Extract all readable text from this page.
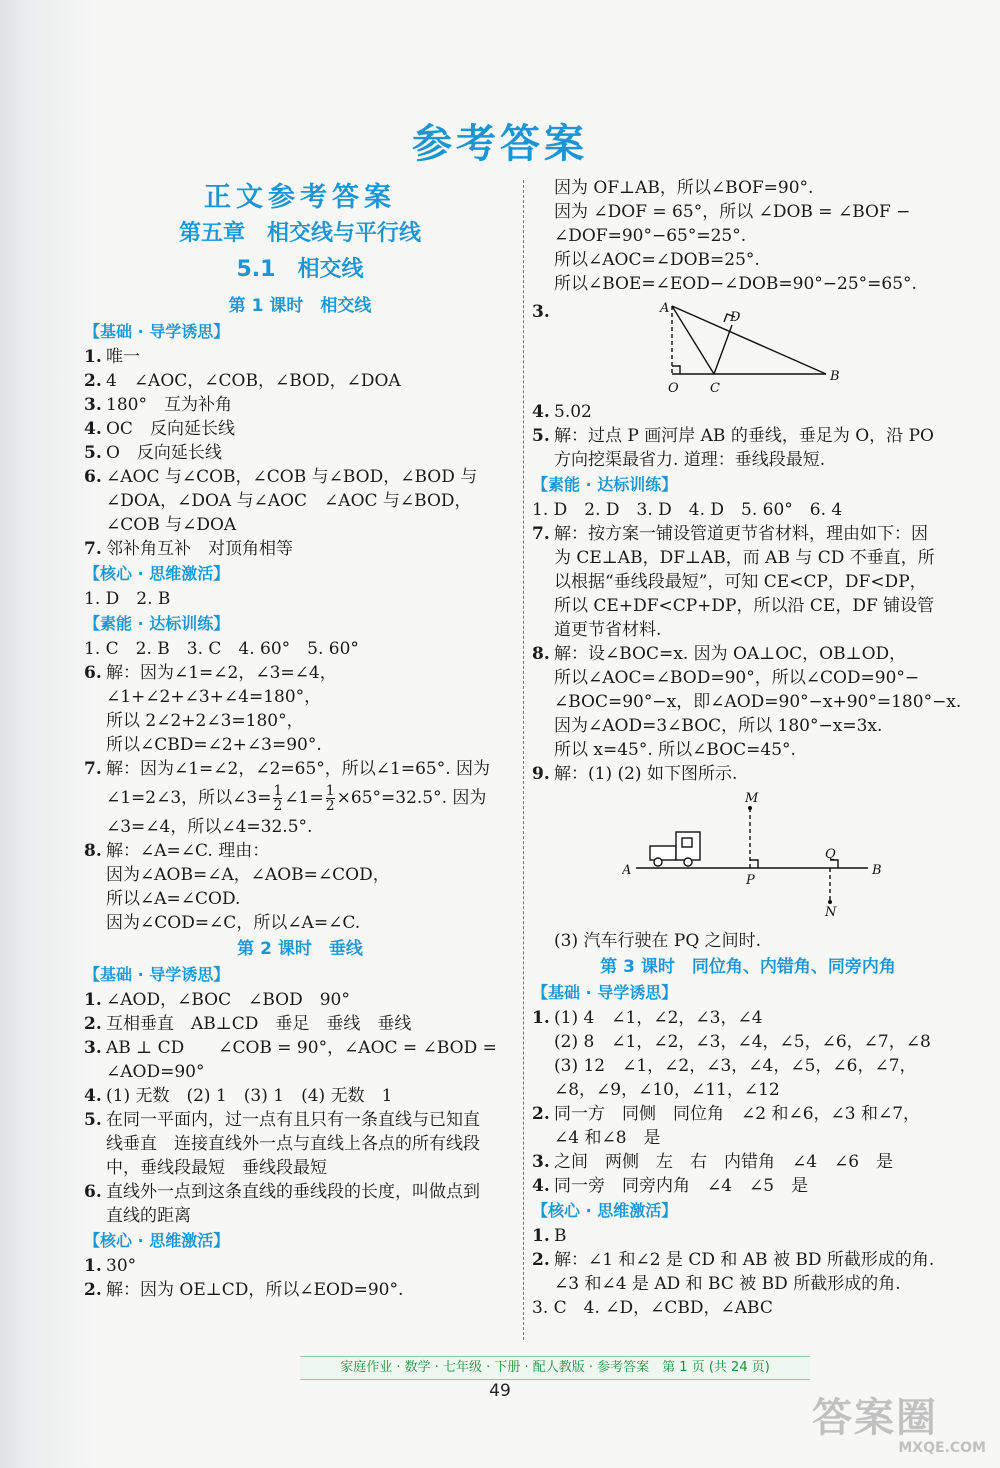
参考答案
正文参考答案
第五章　相交线与平行线
5.1　相交线
第 1 课时　相交线
【基础 · 导学诱思】
1. 唯一
2. 4　∠AOC，∠COB，∠BOD，∠DOA
3. 180°　互为补角
4. OC　反向延长线
5. O　反向延长线
6. ∠AOC 与∠COB，∠COB 与∠BOD，∠BOD 与
∠DOA，∠DOA 与∠AOC　∠AOC 与∠BOD，
∠COB 与∠DOA
7. 邻补角互补　对顶角相等
【核心 · 思维激活】
1. D　2. B
【素能 · 达标训练】
1. C　2. B　3. C　4. 60°　5. 60°
6. 解：因为∠1=∠2，∠3=∠4，
∠1+∠2+∠3+∠4=180°，
所以 2∠2+2∠3=180°，
所以∠CBD=∠2+∠3=90°.
7. 解：因为∠1=∠2，∠2=65°，所以∠1=65°. 因为
∠1=2∠3，所以∠3= $\frac{1}{2}$ ∠1= $\frac{1}{2} \times 65^\circ=32.5^\circ$. 因为
∠3=∠4，所以∠4=32.5°.
8. 解：∠A=∠C. 理由：
因为∠AOB=∠A，∠AOB=∠COD，
所以∠A=∠COD.
因为∠COD=∠C，所以∠A=∠C.
第 2 课时　垂线
【基础 · 导学诱思】
1. ∠AOD，∠BOC　∠BOD　90°
2. 互相垂直　AB⊥CD　垂足　垂线　垂线
3. AB ⊥ CD　　∠COB = 90°，∠AOC = ∠BOD =
∠AOD=90°
4. (1) 无数　(2) 1　(3) 1　(4) 无数　1
5. 在同一平面内，过一点有且只有一条直线与已知直
线垂直　连接直线外一点与直线上各点的所有线段
中，垂线段最短　垂线段最短
6. 直线外一点到这条直线的垂线段的长度，叫做点到
直线的距离
【核心 · 思维激活】
1. 30°
2. 解：因为 OE⊥CD，所以∠EOD=90°.
因为 OF⊥AB，所以∠BOF=90°.
因为 ∠DOF = 65°，所以 ∠DOB = ∠BOF −
∠DOF=90°−65°=25°.
所以∠AOC=∠DOB=25°.
所以∠BOE=∠EOD−∠DOB=90°−25°=65°.
3.	A
D
B
O C
4. 5.02
5. 解：过点 P 画河岸 AB 的垂线，垂足为 O，沿 PO
方向挖渠最省力. 道理：垂线段最短.
【素能 · 达标训练】
1. D　2. D　3. D　4. D　5. 60°　6. 4
7. 解：按方案一铺设管道更节省材料，理由如下：因
为 CE⊥AB，DF⊥AB，而 AB 与 CD 不垂直，所
以根据“垂线段最短”，可知 CE<CP，DF<DP，
所以 CE+DF<CP+DP，所以沿 CE，DF 铺设管
道更节省材料.
8. 解：设∠BOC=x. 因为 OA⊥OC，OB⊥OD，
所以∠AOC=∠BOD=90°，所以∠COD=90°−
∠BOC=90°−x，即∠AOD=90°−x+90°=180°−x.
因为∠AOD=3∠BOC，所以 180°−x=3x.
所以 x=45°. 所以∠BOC=45°.
9. 解：(1) (2) 如下图所示.
M
Q
A
P
B
N
(3) 汽车行驶在 PQ 之间时.
第 3 课时　同位角、内错角、同旁内角
【基础 · 导学诱思】
1. (1) 4　∠1，∠2，∠3，∠4
(2) 8　∠1，∠2，∠3，∠4，∠5，∠6，∠7，∠8
(3) 12　∠1，∠2，∠3，∠4，∠5，∠6，∠7，
∠8，∠9，∠10，∠11，∠12
2. 同一方　同侧　同位角　∠2 和∠6，∠3 和∠7，
∠4 和∠8　是
3. 之间　两侧　左　右　内错角　∠4　∠6　是
4. 同一旁　同旁内角　∠4　∠5　是
【核心 · 思维激活】
1. B
2. 解：∠1 和∠2 是 CD 和 AB 被 BD 所截形成的角.
∠3 和∠4 是 AD 和 BC 被 BD 所截形成的角.
3. C　4. ∠D，∠CBD，∠ABC
家庭作业 · 数学 · 七年级 · 下册 · 配人教版 · 参考答案　第 1 页 (共 24 页)
49
答案圈
MXQE.COM
